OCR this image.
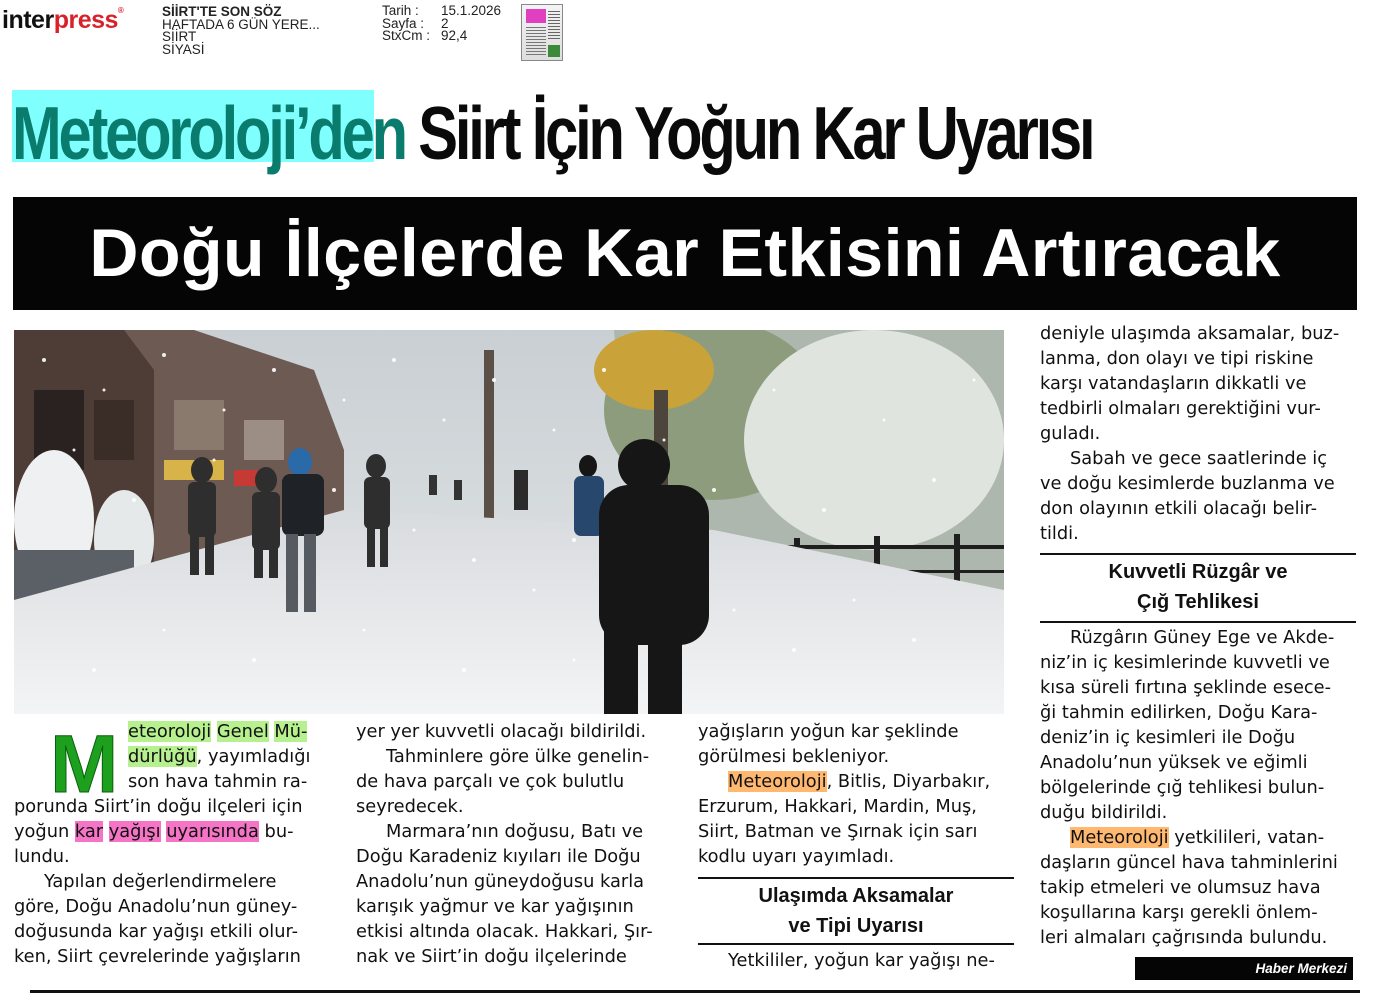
interpress®	SİİRT'TE SON SÖZ
HAFTADA 6 GÜN YERE...
SİİRT
SİYASİ
Tarih :
Sayfa :
StxCm :
15.1.2026
2
92,4
Meteoroloji’den Siirt İçin Yoğun Kar Uyarısı
Doğu İlçelerde Kar Etkisini Artıracak
M eteoroloji Genel Mü-

dürlüğü, yayımladığı

son hava tahmin ra-

porunda Siirt’in doğu ilçeleri için

yoğun kar yağışı uyarısında bu-

lundu.

Yapılan değerlendirmelere

göre, Doğu Anadolu’nun güney-

doğusunda kar yağışı etkili olur-

ken, Siirt çevrelerinde yağışların

yer yer kuvvetli olacağı bildirildi.

Tahminlere göre ülke genelin-

de hava parçalı ve çok bulutlu

seyredecek.

Marmara’nın doğusu, Batı ve

Doğu Karadeniz kıyıları ile Doğu

Anadolu’nun güneydoğusu karla

karışık yağmur ve kar yağışının

etkisi altında olacak. Hakkari, Şır-

nak ve Siirt’in doğu ilçelerinde

yağışların yoğun kar şeklinde

görülmesi bekleniyor.

Meteoroloji, Bitlis, Diyarbakır,

Erzurum, Hakkari, Mardin, Muş,

Siirt, Batman ve Şırnak için sarı

kodlu uyarı yayımladı.

Ulaşımda Aksamalar
ve Tipi Uyarısı

Yetkililer, yoğun kar yağışı ne-

deniyle ulaşımda aksamalar, buz-

lanma, don olayı ve tipi riskine

karşı vatandaşların dikkatli ve

tedbirli olmaları gerektiğini vur-

guladı.

Sabah ve gece saatlerinde iç

ve doğu kesimlerde buzlanma ve

don olayının etkili olacağı belir-

tildi.

Kuvvetli Rüzgâr ve
Çığ Tehlikesi

Rüzgârın Güney Ege ve Akde-

niz’in iç kesimlerinde kuvvetli ve

kısa süreli fırtına şeklinde esece-

ği tahmin edilirken, Doğu Kara-

deniz’in iç kesimleri ile Doğu

Anadolu’nun yüksek ve eğimli

bölgelerinde çığ tehlikesi bulun-

duğu bildirildi.

Meteoroloji yetkilileri, vatan-

daşların güncel hava tahminlerini

takip etmeleri ve olumsuz hava

koşullarına karşı gerekli önlem-

leri almaları çağrısında bulundu.

Haber Merkezi
